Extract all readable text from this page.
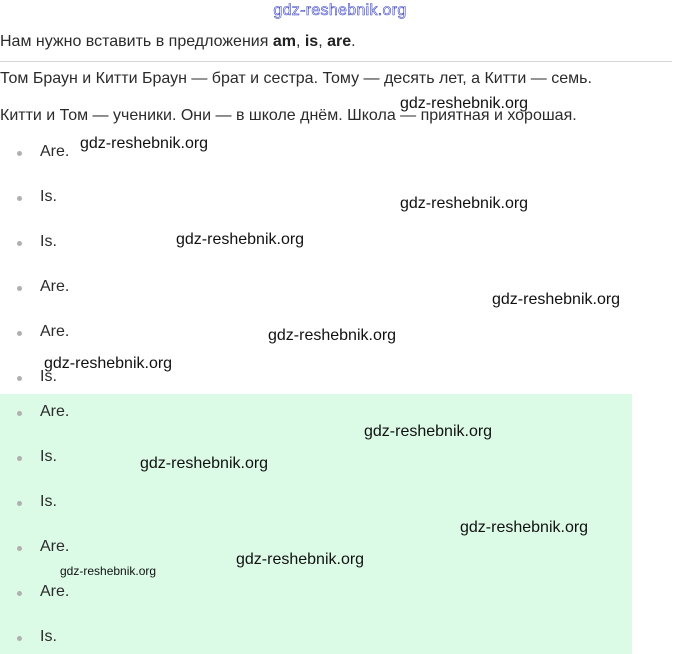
gdz-reshebnik.org
Нам нужно вставить в предложения am, is, are.
Том Браун и Китти Браун — брат и сестра. Тому — десять лет, а Китти — семь.
Китти и Том — ученики. Они — в школе днём. Школа — приятная и хорошая.
Are.
Is.
Is.
Are.
Are.
Is.
Are.
Is.
Is.
Are.
Are.
Is.
gdz-reshebnik.org
gdz-reshebnik.org
gdz-reshebnik.org
gdz-reshebnik.org
gdz-reshebnik.org
gdz-reshebnik.org
gdz-reshebnik.org
gdz-reshebnik.org
gdz-reshebnik.org
gdz-reshebnik.org
gdz-reshebnik.org
gdz-reshebnik.org
